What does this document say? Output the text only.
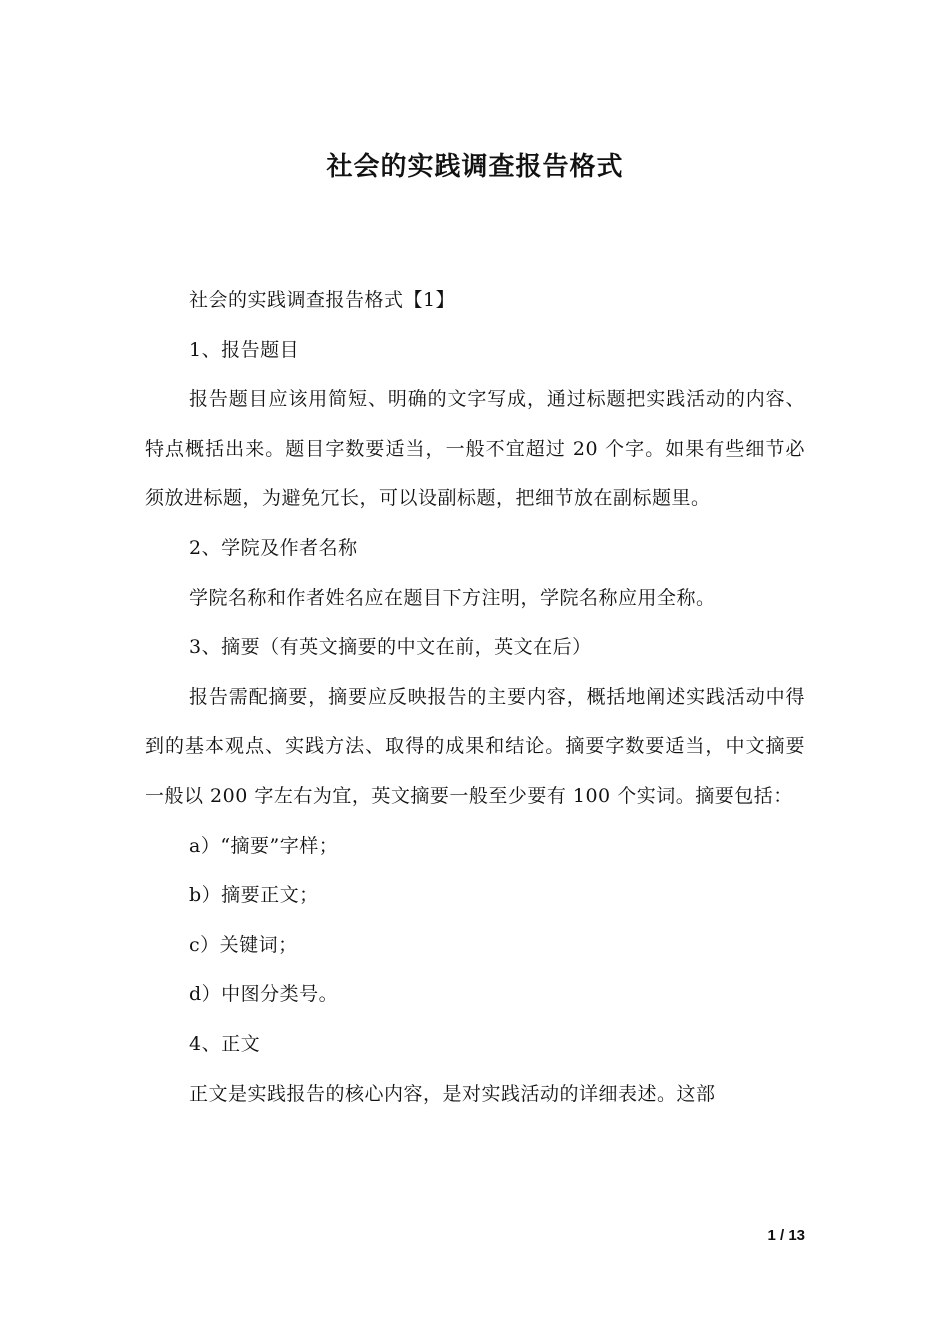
社会的实践调查报告格式

社会的实践调查报告格式【1】

1、报告题目

报告题目应该用简短、明确的文字写成，通过标题把实践活动的内容、特点概括出来。题目字数要适当，一般不宜超过 20 个字。如果有些细节必须放进标题，为避免冗长，可以设副标题，把细节放在副标题里。

2、学院及作者名称

学院名称和作者姓名应在题目下方注明，学院名称应用全称。

3、摘要（有英文摘要的中文在前，英文在后）

报告需配摘要，摘要应反映报告的主要内容，概括地阐述实践活动中得到的基本观点、实践方法、取得的成果和结论。摘要字数要适当，中文摘要一般以 200 字左右为宜，英文摘要一般至少要有 100 个实词。摘要包括：

a）“摘要”字样；

b）摘要正文；

c）关键词；

d）中图分类号。

4、正文

正文是实践报告的核心内容，是对实践活动的详细表述。这部

1 / 13
